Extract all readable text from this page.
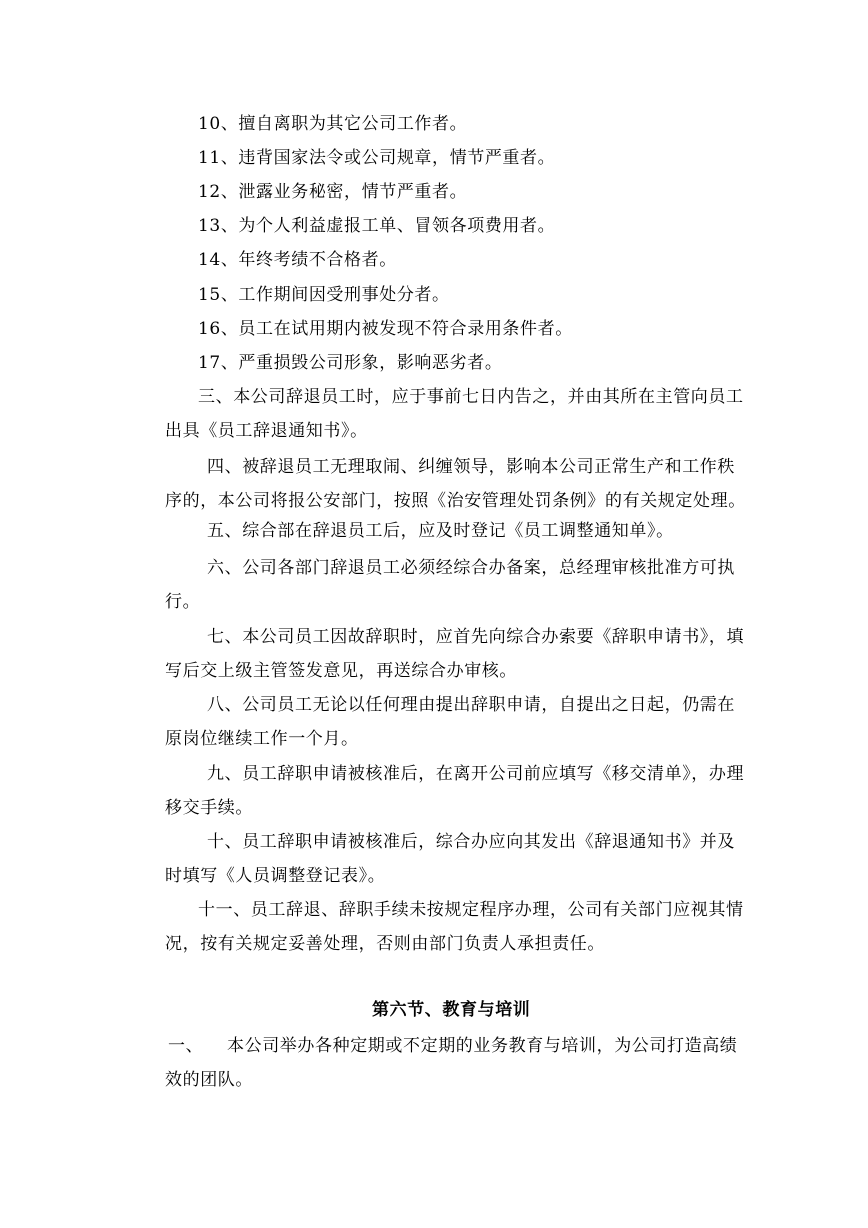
10、擅自离职为其它公司工作者。
11、违背国家法令或公司规章，情节严重者。
12、泄露业务秘密，情节严重者。
13、为个人利益虚报工单、冒领各项费用者。
14、年终考绩不合格者。
15、工作期间因受刑事处分者。
16、员工在试用期内被发现不符合录用条件者。
17、严重损毁公司形象，影响恶劣者。
三、本公司辞退员工时，应于事前七日内告之，并由其所在主管向员工
出具《员工辞退通知书》。
四、被辞退员工无理取闹、纠缠领导，影响本公司正常生产和工作秩
序的，本公司将报公安部门，按照《治安管理处罚条例》的有关规定处理。
五、综合部在辞退员工后，应及时登记《员工调整通知单》。
六、公司各部门辞退员工必须经综合办备案，总经理审核批准方可执
行。
七、本公司员工因故辞职时，应首先向综合办索要《辞职申请书》，填
写后交上级主管签发意见，再送综合办审核。
八、公司员工无论以任何理由提出辞职申请，自提出之日起，仍需在
原岗位继续工作一个月。
九、员工辞职申请被核准后，在离开公司前应填写《移交清单》，办理
移交手续。
十、员工辞职申请被核准后，综合办应向其发出《辞退通知书》并及
时填写《人员调整登记表》。
十一、员工辞退、辞职手续未按规定程序办理，公司有关部门应视其情
况，按有关规定妥善处理，否则由部门负责人承担责任。
第六节、教育与培训
一、 本公司举办各种定期或不定期的业务教育与培训，为公司打造高绩
效的团队。
